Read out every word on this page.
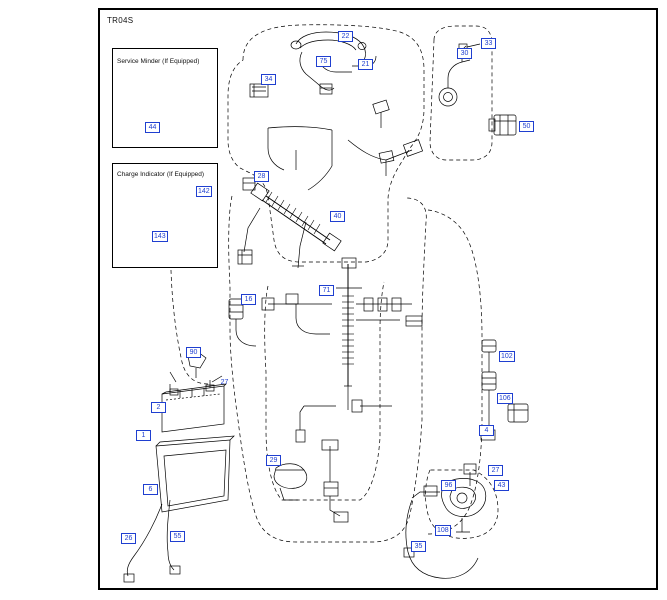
TR04S
Service Minder (If Equipped)
Charge Indicator (If Equipped)
22
75	21
30
33
34
50
44
142
28
40
143
71
16
102
90
106
27
2
1
4
29
27
96	43
6
108
26	55
35
